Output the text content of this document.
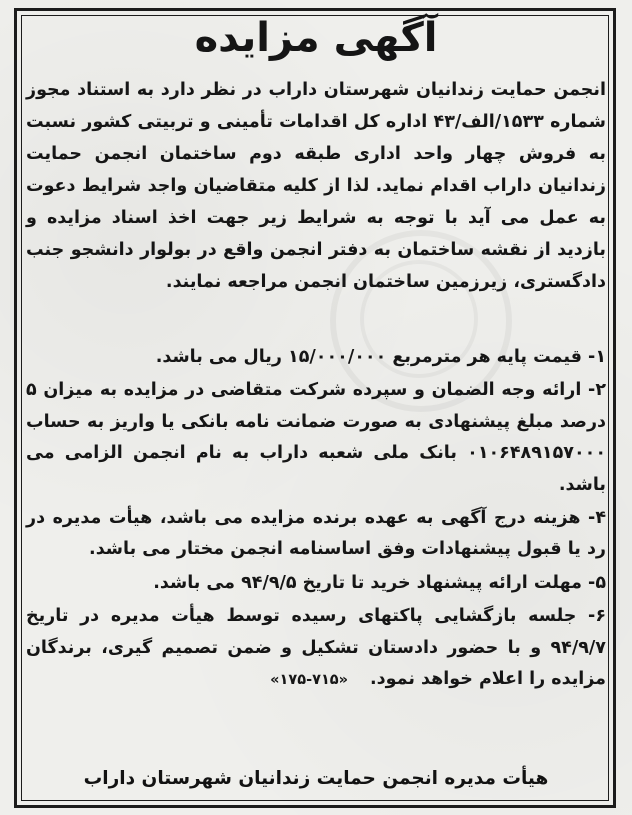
آگهی مزایده
انجمن حمایت زندانیان شهرستان داراب در نظر دارد به استناد مجوز شماره ۱۵۳۳/الف/۴۳ اداره کل اقدامات تأمینی و تربیتی کشور نسبت به فروش چهار واحد اداری طبقه دوم ساختمان انجمن حمایت زندانیان داراب اقدام نماید. لذا از کلیه متقاضیان واجد شرایط دعوت به عمل می آید با توجه به شرایط زیر جهت اخذ اسناد مزایده و بازدید از نقشه ساختمان به دفتر انجمن واقع در بولوار دانشجو جنب دادگستری، زیرزمین ساختمان انجمن مراجعه نمایند.
۱- قیمت پایه هر مترمربع ۱۵/۰۰۰/۰۰۰ ریال می باشد.
۲- ارائه وجه الضمان و سپرده شرکت متقاضی در مزایده به میزان ۵ درصد مبلغ پیشنهادی به صورت ضمانت نامه بانکی یا واریز به حساب ۰۱۰۶۴۸۹۱۵۷۰۰۰ بانک ملی شعبه داراب به نام انجمن الزامی می باشد.
۴- هزینه درج آگهی به عهده برنده مزایده می باشد، هیأت مدیره در رد یا قبول پیشنهادات وفق اساسنامه انجمن مختار می باشد.
۵- مهلت ارائه پیشنهاد خرید تا تاریخ ۹۴/۹/۵ می باشد.
۶- جلسه بازگشایی پاکتهای رسیده توسط هیأت مدیره در تاریخ ۹۴/۹/۷ و با حضور دادستان تشکیل و ضمن تصمیم گیری، برندگان مزایده را اعلام خواهد نمود.«۱۷۵-۷۱۵»
هیأت مدیره انجمن حمایت زندانیان شهرستان داراب
